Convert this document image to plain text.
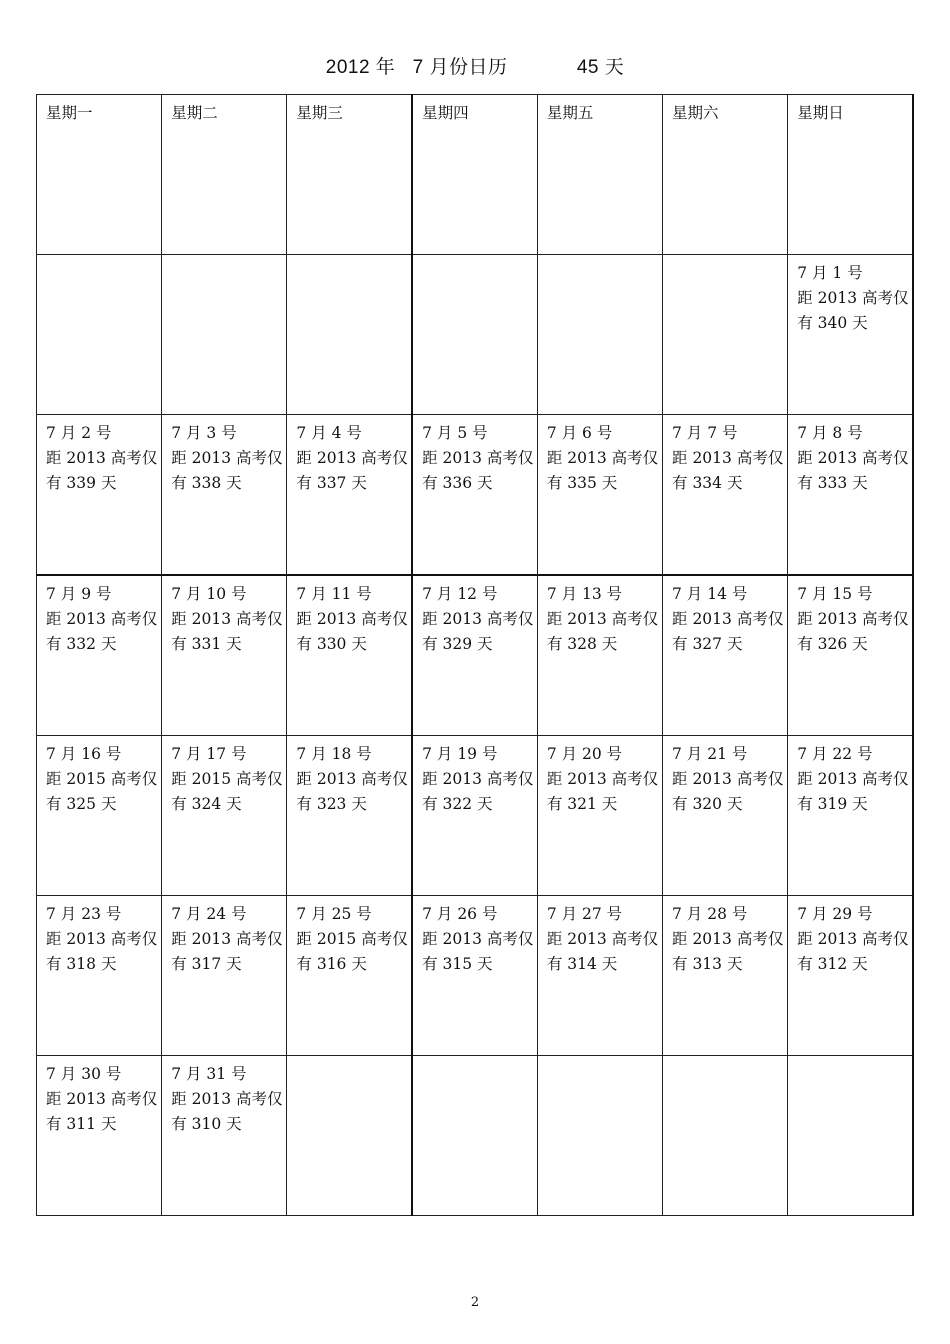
2012 年   7 月份日历            45 天
星期一	星期二	星期三	星期四	星期五	星期六	星期日

						7 月 1 号
距 2013 高考仅
有 340 天

7 月 2 号
距 2013 高考仅
有 339 天	7 月 3 号
距 2013 高考仅
有 338 天	7 月 4 号
距 2013 高考仅
有 337 天	7 月 5 号
距 2013 高考仅
有 336 天	7 月 6 号
距 2013 高考仅
有 335 天	7 月 7 号
距 2013 高考仅
有 334 天	7 月 8 号
距 2013 高考仅
有 333 天

7 月 9 号
距 2013 高考仅
有 332 天	7 月 10 号
距 2013 高考仅
有 331 天	7 月 11 号
距 2013 高考仅
有 330 天	7 月 12 号
距 2013 高考仅
有 329 天	7 月 13 号
距 2013 高考仅
有 328 天	7 月 14 号
距 2013 高考仅
有 327 天	7 月 15 号
距 2013 高考仅
有 326 天

7 月 16 号
距 2015 高考仅
有 325 天	7 月 17 号
距 2015 高考仅
有 324 天	7 月 18 号
距 2013 高考仅
有 323 天	7 月 19 号
距 2013 高考仅
有 322 天	7 月 20 号
距 2013 高考仅
有 321 天	7 月 21 号
距 2013 高考仅
有 320 天	7 月 22 号
距 2013 高考仅
有 319 天

7 月 23 号
距 2013 高考仅
有 318 天	7 月 24 号
距 2013 高考仅
有 317 天	7 月 25 号
距 2015 高考仅
有 316 天	7 月 26 号
距 2013 高考仅
有 315 天	7 月 27 号
距 2013 高考仅
有 314 天	7 月 28 号
距 2013 高考仅
有 313 天	7 月 29 号
距 2013 高考仅
有 312 天

7 月 30 号
距 2013 高考仅
有 311 天	7 月 31 号
距 2013 高考仅
有 310 天					

2
